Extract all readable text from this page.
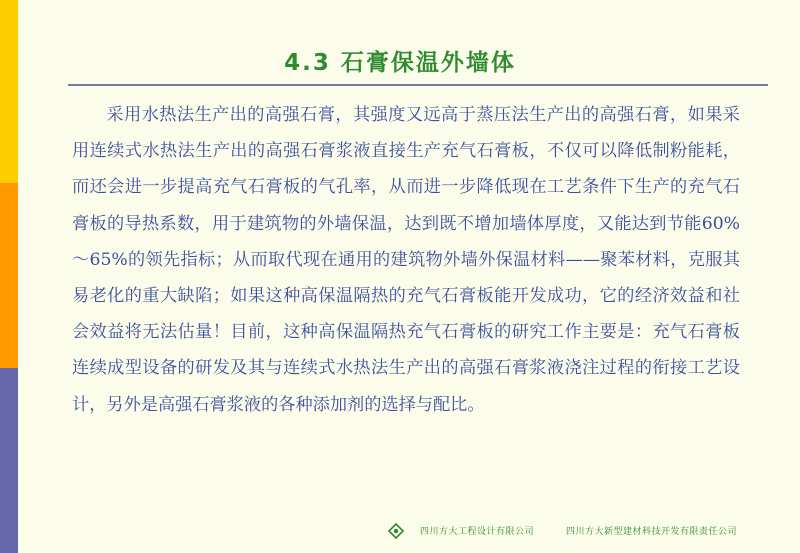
4.3 石膏保温外墙体

采用水热法生产出的高强石膏，其强度又远高于蒸压法生产出的高强石膏，如果采用连续式水热法生产出的高强石膏浆液直接生产充气石膏板，不仅可以降低制粉能耗，而还会进一步提高充气石膏板的气孔率，从而进一步降低现在工艺条件下生产的充气石膏板的导热系数，用于建筑物的外墙保温，达到既不增加墙体厚度，又能达到节能60%～65%的领先指标；从而取代现在通用的建筑物外墙外保温材料——聚苯材料，克服其易老化的重大缺陷；如果这种高保温隔热的充气石膏板能开发成功，它的经济效益和社会效益将无法估量！目前，这种高保温隔热充气石膏板的研究工作主要是：充气石膏板连续成型设备的研发及其与连续式水热法生产出的高强石膏浆液浇注过程的衔接工艺设计，另外是高强石膏浆液的各种添加剂的选择与配比。

四川方大工程设计有限公司	四川方大新型建材科技开发有限责任公司
